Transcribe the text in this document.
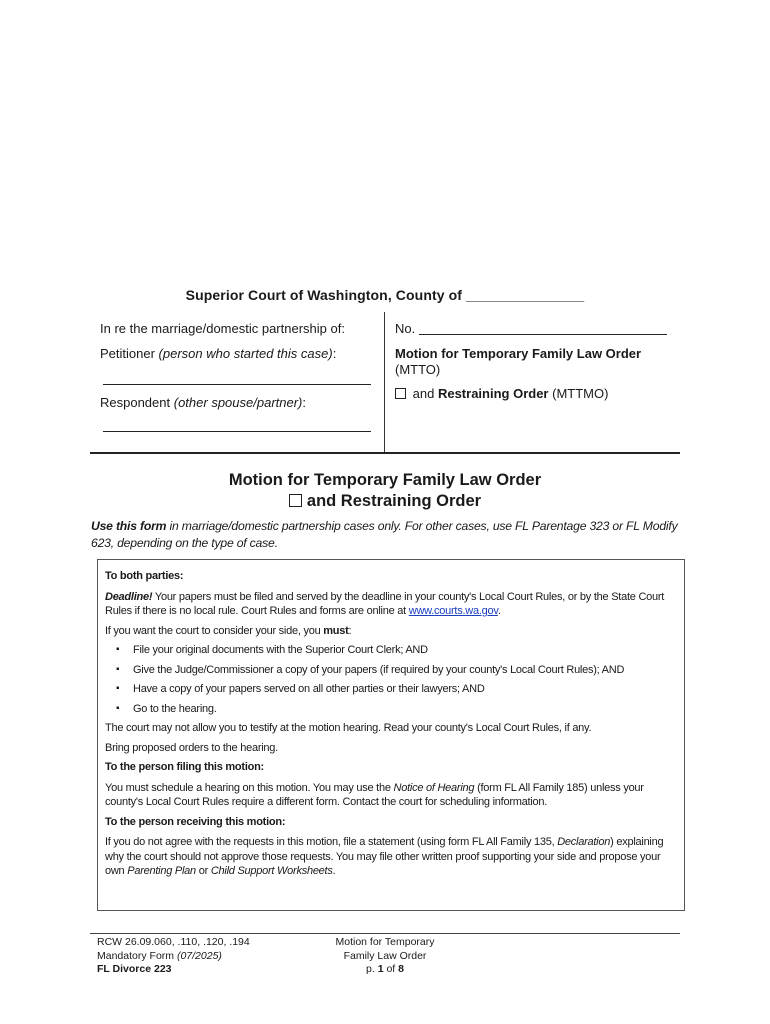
Superior Court of Washington, County of _______________
In re the marriage/domestic partnership of:
Petitioner (person who started this case):
Respondent (other spouse/partner):
No.
Motion for Temporary Family Law Order
(MTTO)
and Restraining Order (MTTMO)
Motion for Temporary Family Law Order
and Restraining Order
Use this form in marriage/domestic partnership cases only. For other cases, use FL Parentage 323 or FL Modify 623, depending on the type of case.

To both parties:

Deadline! Your papers must be filed and served by the deadline in your county's Local Court Rules, or by the State Court Rules if there is no local rule. Court Rules and forms are online at www.courts.wa.gov.

If you want the court to consider your side, you must:

▪ File your original documents with the Superior Court Clerk; AND
▪ Give the Judge/Commissioner a copy of your papers (if required by your county's Local Court Rules); AND
▪ Have a copy of your papers served on all other parties or their lawyers; AND
▪ Go to the hearing.

The court may not allow you to testify at the motion hearing. Read your county's Local Court Rules, if any.

Bring proposed orders to the hearing.

To the person filing this motion:

You must schedule a hearing on this motion. You may use the Notice of Hearing (form FL All Family 185) unless your county's Local Court Rules require a different form. Contact the court for scheduling information.

To the person receiving this motion:

If you do not agree with the requests in this motion, file a statement (using form FL All Family 135, Declaration) explaining why the court should not approve those requests. You may file other written proof supporting your side and propose your own Parenting Plan or Child Support Worksheets.

RCW 26.09.060, .110, .120, .194
Mandatory Form (07/2025)
FL Divorce 223
Motion for Temporary
Family Law Order
p. 1 of 8
